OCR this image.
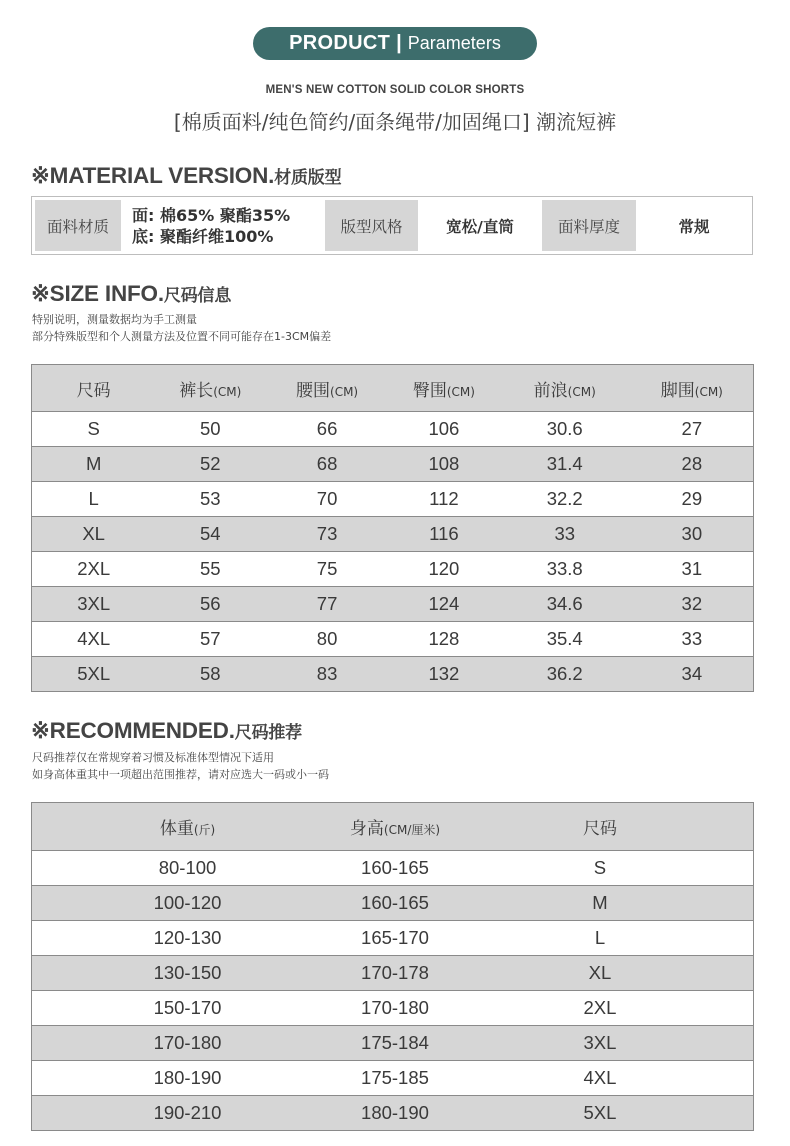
PRODUCT | Parameters
MEN'S NEW COTTON SOLID COLOR SHORTS
[棉质面料/纯色简约/面条绳带/加固绳口] 潮流短裤
※MATERIAL VERSION.材质版型
面料材质
面: 棉65% 聚酯35%
底: 聚酯纤维100%	版型风格	宽松/直筒	面料厚度	常规
※SIZE INFO.尺码信息
特别说明，测量数据均为手工测量
部分特殊版型和个人测量方法及位置不同可能存在1-3CM偏差
尺码	裤长(CM)	腰围(CM)	臀围(CM)	前浪(CM)	脚围(CM)
S	50	66	106	30.6	27
M	52	68	108	31.4	28
L	53	70	112	32.2	29
XL	54	73	116	33	30
2XL	55	75	120	33.8	31
3XL	56	77	124	34.6	32
4XL	57	80	128	35.4	33
5XL	58	83	132	36.2	34
※RECOMMENDED.尺码推荐
尺码推荐仅在常规穿着习惯及标准体型情况下适用
如身高体重其中一项超出范围推荐，请对应选大一码或小一码
体重(斤)	身高(CM/厘米)	尺码
80-100	160-165	S
100-120	160-165	M
120-130	165-170	L
130-150	170-178	XL
150-170	170-180	2XL
170-180	175-184	3XL
180-190	175-185	4XL
190-210	180-190	5XL
